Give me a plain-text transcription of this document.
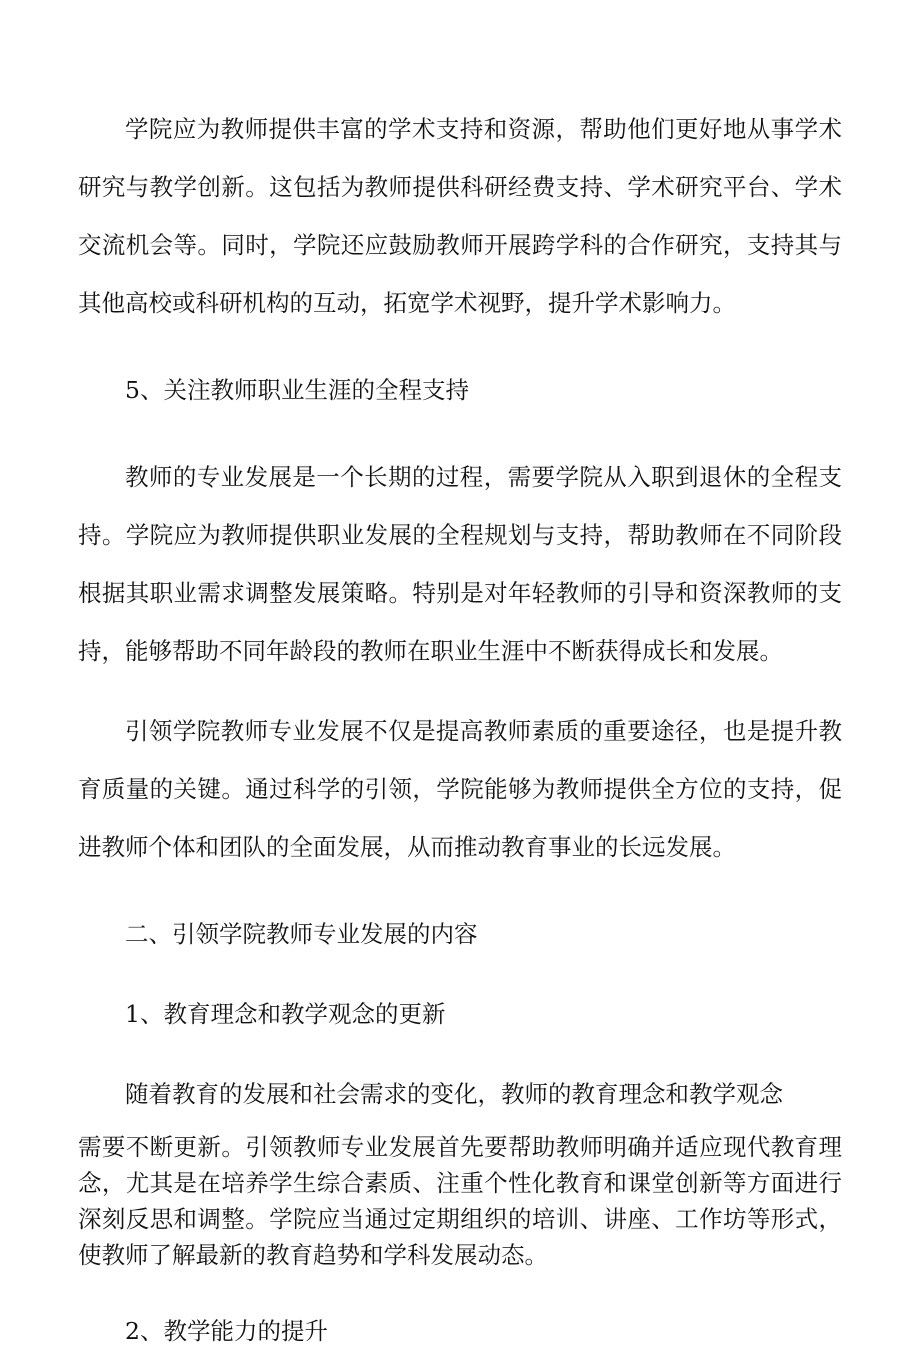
学院应为教师提供丰富的学术支持和资源，帮助他们更好地从事学术研究与教学创新。这包括为教师提供科研经费支持、学术研究平台、学术交流机会等。同时，学院还应鼓励教师开展跨学科的合作研究，支持其与其他高校或科研机构的互动，拓宽学术视野，提升学术影响力。

5、关注教师职业生涯的全程支持

教师的专业发展是一个长期的过程，需要学院从入职到退休的全程支持。学院应为教师提供职业发展的全程规划与支持，帮助教师在不同阶段根据其职业需求调整发展策略。特别是对年轻教师的引导和资深教师的支持，能够帮助不同年龄段的教师在职业生涯中不断获得成长和发展。

引领学院教师专业发展不仅是提高教师素质的重要途径，也是提升教育质量的关键。通过科学的引领，学院能够为教师提供全方位的支持，促进教师个体和团队的全面发展，从而推动教育事业的长远发展。

二、引领学院教师专业发展的内容

1、教育理念和教学观念的更新

随着教育的发展和社会需求的变化，教师的教育理念和教学观念

需要不断更新。引领教师专业发展首先要帮助教师明确并适应现代教育理念，尤其是在培养学生综合素质、注重个性化教育和课堂创新等方面进行深刻反思和调整。学院应当通过定期组织的培训、讲座、工作坊等形式，使教师了解最新的教育趋势和学科发展动态。

2、教学能力的提升
